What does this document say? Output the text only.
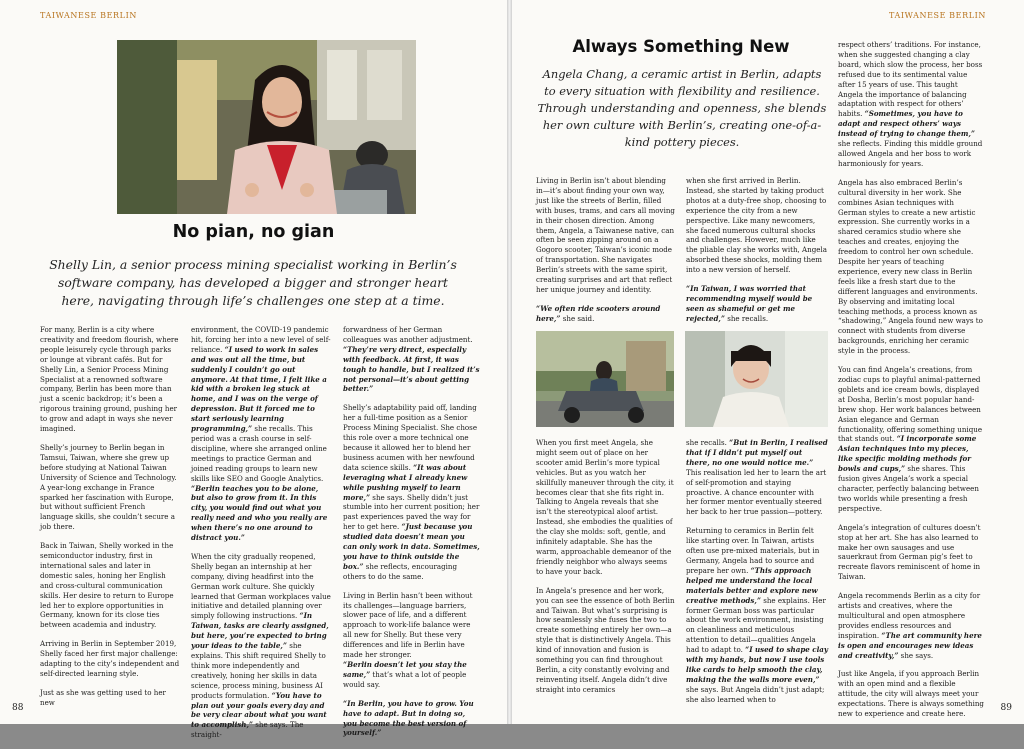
TAIWANESE BERLIN
No pian, no gian
Shelly Lin, a senior process mining specialist working in Berlin’s software company, has developed a bigger and stronger heart here, navigating through life’s challenges one step at a time.

For many, Berlin is a city where creativity and freedom flourish, where people leisurely cycle through parks or lounge at vibrant cafés. But for Shelly Lin, a Senior Process Mining Specialist at a renowned software company, Berlin has been more than just a scenic backdrop; it’s been a rigorous training ground, pushing her to grow and adapt in ways she never imagined.

Shelly’s journey to Berlin began in Tamsui, Taiwan, where she grew up before studying at National Taiwan University of Science and Technology. A year-long exchange in France sparked her fascination with Europe, but without sufficient French language skills, she couldn’t secure a job there.

Back in Taiwan, Shelly worked in the semiconductor industry, first in international sales and later in domestic sales, honing her English and cross-cultural communication skills. Her desire to return to Europe led her to explore opportunities in Germany, known for its close ties between academia and industry.

Arriving in Berlin in September 2019, Shelly faced her first major challenge: adapting to the city’s independent and self-directed learning style.

Just as she was getting used to her new

environment, the COVID-19 pandemic hit, forcing her into a new level of self-reliance. “I used to work in sales and was out all the time, but suddenly I couldn’t go out anymore. At that time, I felt like a kid with a broken leg stuck at home, and I was on the verge of depression. But it forced me to start seriously learning programming,” she recalls. This period was a crash course in self-discipline, where she arranged online meetings to practice German and joined reading groups to learn new skills like SEO and Google Analytics. “Berlin teaches you to be alone, but also to grow from it. In this city, you would find out what you really need and who you really are when there’s no one around to distract you.”

When the city gradually reopened, Shelly began an internship at her company, diving headfirst into the German work culture. She quickly learned that German workplaces value initiative and detailed planning over simply following instructions. “In Taiwan, tasks are clearly assigned, but here, you’re expected to bring your ideas to the table,” she explains. This shift required Shelly to think more independently and creatively, honing her skills in data science, process mining, business AI products formulation. “You have to plan out your goals every day and be very clear about what you want to accomplish,” she says. The straight-

forwardness of her German colleagues was another adjustment. “They’re very direct, especially with feedback. At first, it was tough to handle, but I realized it’s not personal—it’s about getting better.”

Shelly’s adaptability paid off, landing her a full-time position as a Senior Process Mining Specialist. She chose this role over a more technical one because it allowed her to blend her business acumen with her newfound data science skills. “It was about leveraging what I already knew while pushing myself to learn more,” she says. Shelly didn’t just stumble into her current position; her past experiences paved the way for her to get here. “Just because you studied data doesn’t mean you can only work in data. Sometimes, you have to think outside the box.” she reflects, encouraging others to do the same.

Living in Berlin hasn’t been without its challenges—language barriers, slower pace of life, and a different approach to work-life balance were all new for Shelly. But these very differences and life in Berlin have made her stronger.

“Berlin doesn’t let you stay the same,” that’s what a lot of people would say.

“In Berlin, you have to grow. You have to adapt. But in doing so, you become the best version of yourself.”

88
TAIWANESE BERLIN
Always Something New
Angela Chang, a ceramic artist in Berlin, adapts to every situation with flexibility and resilience. Through understanding and openness, she blends her own culture with Berlin’s, creating one-of-a-kind pottery pieces.

Living in Berlin isn’t about blending in—it’s about finding your own way, just like the streets of Berlin, filled with buses, trams, and cars all moving in their chosen direction. Among them, Angela, a Taiwanese native, can often be seen zipping around on a Gogoro scooter, Taiwan’s iconic mode of transportation. She navigates Berlin’s streets with the same spirit, creating surprises and art that reflect her unique journey and identity.

“We often ride scooters around here,” she said.

when she first arrived in Berlin. Instead, she started by taking product photos at a duty-free shop, choosing to experience the city from a new perspective. Like many newcomers, she faced numerous cultural shocks and challenges. However, much like the pliable clay she works with, Angela absorbed these shocks, molding them into a new version of herself.

“In Taiwan, I was worried that recommending myself would be seen as shameful or get me rejected,” she recalls.

When you first meet Angela, she might seem out of place on her scooter amid Berlin’s more typical vehicles. But as you watch her skillfully maneuver through the city, it becomes clear that she fits right in. Talking to Angela reveals that she isn’t the stereotypical aloof artist. Instead, she embodies the qualities of the clay she molds: soft, gentle, and infinitely adaptable. She has the warm, approachable demeanor of the friendly neighbor who always seems to have your back.

In Angela’s presence and her work, you can see the essence of both Berlin and Taiwan. But what’s surprising is how seamlessly she fuses the two to create something entirely her own—a style that is distinctively Angela. This kind of innovation and fusion is something you can find throughout Berlin, a city constantly evolving and reinventing itself. Angela didn’t dive straight into ceramics

she recalls. “But in Berlin, I realised that if I didn’t put myself out there, no one would notice me.” This realisation led her to learn the art of self-promotion and staying proactive. A chance encounter with her former mentor eventually steered her back to her true passion—pottery.

Returning to ceramics in Berlin felt like starting over. In Taiwan, artists often use pre-mixed materials, but in Germany, Angela had to source and prepare her own. “This approach helped me understand the local materials better and explore new creative methods,” she explains. Her former German boss was particular about the work environment, insisting on cleanliness and meticulous attention to detail—qualities Angela had to adapt to. “I used to shape clay with my hands, but now I use tools like cards to help smooth the clay, making the the walls more even,” she says. But Angela didn’t just adapt; she also learned when to

respect others’ traditions. For instance, when she suggested changing a clay board, which slow the process, her boss refused due to its sentimental value after 15 years of use. This taught Angela the importance of balancing adaptation with respect for others’ habits. “Sometimes, you have to adapt and respect others’ ways instead of trying to change them,” she reflects. Finding this middle ground allowed Angela and her boss to work harmoniously for years.

Angela has also embraced Berlin’s cultural diversity in her work. She combines Asian techniques with German styles to create a new artistic expression. She currently works in a shared ceramics studio where she teaches and creates, enjoying the freedom to control her own schedule. Despite her years of teaching experience, every new class in Berlin feels like a fresh start due to the different languages and environments. By observing and imitating local teaching methods, a process known as “shadowing,” Angela found new ways to connect with students from diverse backgrounds, enriching her ceramic style in the process.

You can find Angela’s creations, from zodiac cups to playful animal-patterned goblets and ice cream bowls, displayed at Dosha, Berlin’s most popular hand-brew shop. Her work balances between Asian elegance and German functionality, offering something unique that stands out. “I incorporate some Asian techniques into my pieces, like specific molding methods for bowls and cups,” she shares. This fusion gives Angela’s work a special character, perfectly balancing between two worlds while presenting a fresh perspective.

Angela’s integration of cultures doesn’t stop at her art. She has also learned to make her own sausages and use sauerkraut from German pig’s feet to recreate flavors reminiscent of home in Taiwan.

Angela recommends Berlin as a city for artists and creatives, where the multicultural and open atmosphere provides endless resources and inspiration. “The art community here is open and encourages new ideas and creativity,” she says.

Just like Angela, if you approach Berlin with an open mind and a flexible attitude, the city will always meet your expectations. There is always something new to experience and create here.

89
